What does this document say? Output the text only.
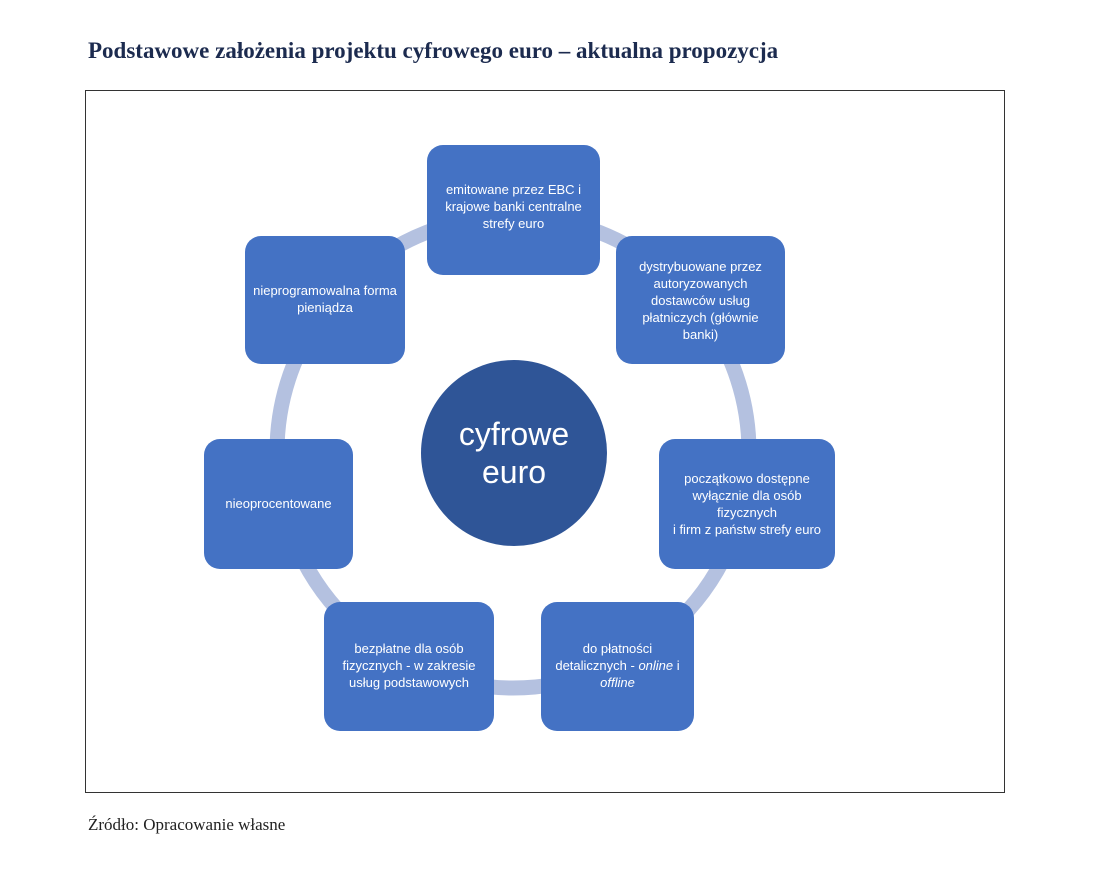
Podstawowe założenia projektu cyfrowego euro – aktualna propozycja
cyfrowe
euro
emitowane przez EBC i krajowe banki centralne strefy euro
dystrybuowane przez autoryzowanych dostawców usług płatniczych (głównie banki)
początkowo dostępne wyłącznie dla osób fizycznych
i firm z państw strefy euro
do płatności detalicznych - online i offline
bezpłatne dla osób fizycznych - w zakresie usług podstawowych
nieoprocentowane
nieprogramowalna forma pieniądza
Źródło: Opracowanie własne
